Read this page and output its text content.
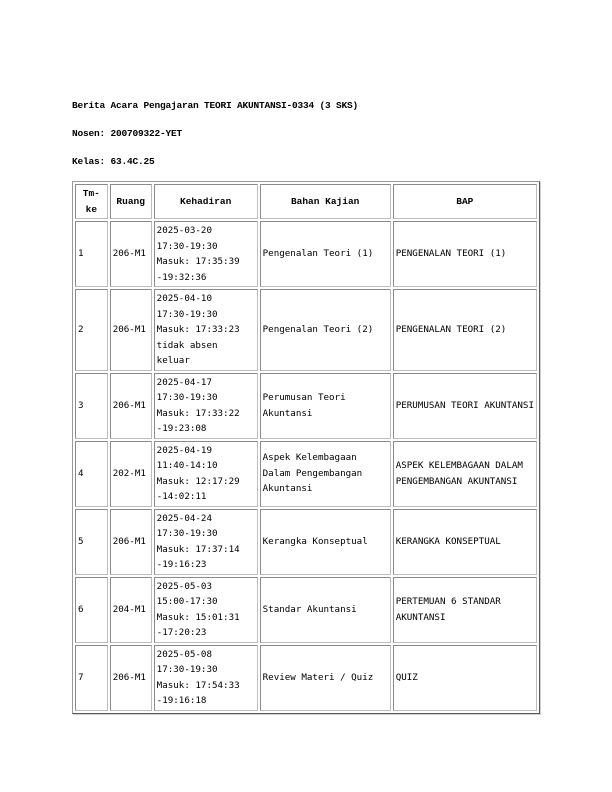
Berita Acara Pengajaran TEORI AKUNTANSI-0334 (3 SKS)
Nosen: 200709322-YET
Kelas: 63.4C.25
Tm-ke	Ruang	Kehadiran	Bahan Kajian	BAP
1	206-M1	2025-03-20
17:30-19:30
Masuk: 17:35:39
-19:32:36	Pengenalan Teori (1)	PENGENALAN TEORI (1)
2	206-M1	2025-04-10
17:30-19:30
Masuk: 17:33:23
tidak absen
keluar	Pengenalan Teori (2)	PENGENALAN TEORI (2)
3	206-M1	2025-04-17
17:30-19:30
Masuk: 17:33:22
-19:23:08	Perumusan Teori Akuntansi	PERUMUSAN TEORI AKUNTANSI
4	202-M1	2025-04-19
11:40-14:10
Masuk: 12:17:29
-14:02:11	Aspek Kelembagaan Dalam Pengembangan Akuntansi	ASPEK KELEMBAGAAN DALAM PENGEMBANGAN AKUNTANSI
5	206-M1	2025-04-24
17:30-19:30
Masuk: 17:37:14
-19:16:23	Kerangka Konseptual	KERANGKA KONSEPTUAL
6	204-M1	2025-05-03
15:00-17:30
Masuk: 15:01:31
-17:20:23	Standar Akuntansi	PERTEMUAN 6 STANDAR AKUNTANSI
7	206-M1	2025-05-08
17:30-19:30
Masuk: 17:54:33
-19:16:18	Review Materi / Quiz	QUIZ
